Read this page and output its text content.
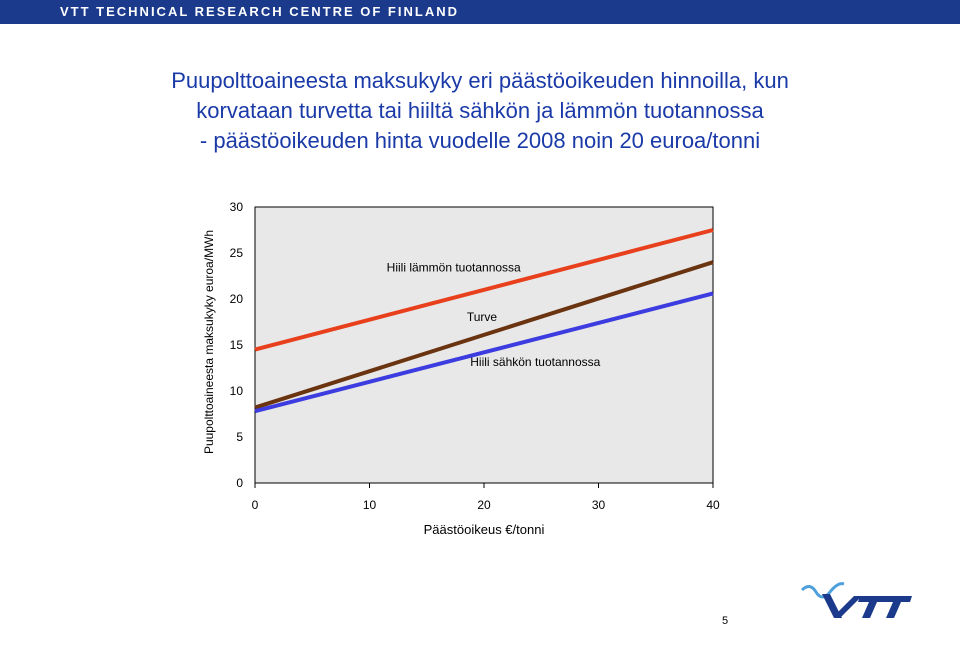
VTT TECHNICAL RESEARCH CENTRE OF FINLAND
Puupolttoaineesta maksukyky eri päästöoikeuden hinnoilla, kun
korvataan turvetta tai hiiltä sähkön ja lämmön tuotannossa
- päästöoikeuden hinta vuodelle 2008 noin 20 euroa/tonni
0
5
10
15
20
25
30
0	10	20	30	40
Hiili lämmön tuotannossa
Turve
Hiili sähkön tuotannossa
Päästöoikeus €/tonni
Puupolttoaineesta maksukyky euroa/MWh
5
